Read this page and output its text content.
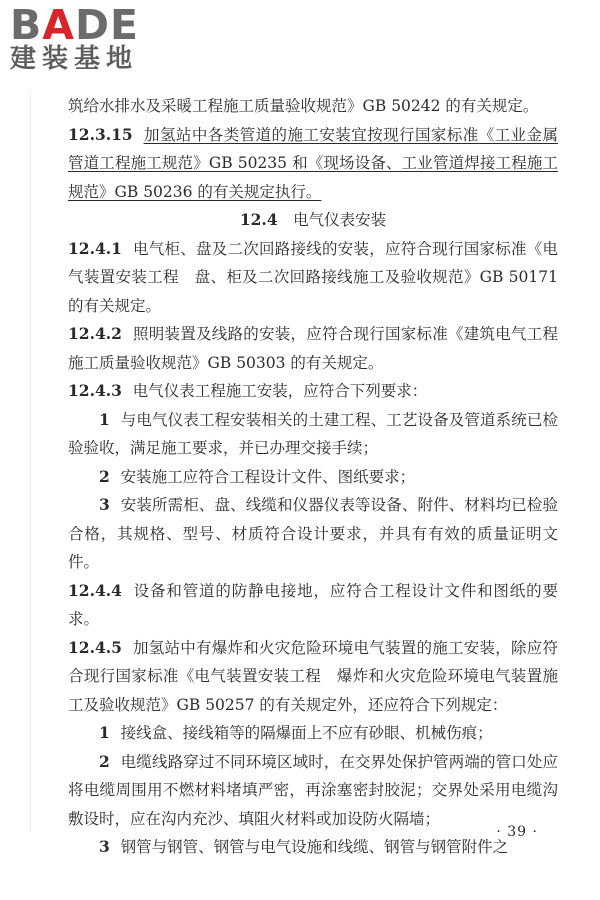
BADE
建装基地

筑给水排水及采暖工程施工质量验收规范》GB 50242 的有关规定。

12.3.15 加氢站中各类管道的施工安装宜按现行国家标准《工业金属管道工程施工规范》GB 50235 和《现场设备、工业管道焊接工程施工规范》GB 50236 的有关规定执行。

12.4 电气仪表安装

12.4.1 电气柜、盘及二次回路接线的安装，应符合现行国家标准《电气装置安装工程　盘、柜及二次回路接线施工及验收规范》GB 50171 的有关规定。

12.4.2 照明装置及线路的安装，应符合现行国家标准《建筑电气工程施工质量验收规范》GB 50303 的有关规定。

12.4.3 电气仪表工程施工安装，应符合下列要求：

1 与电气仪表工程安装相关的土建工程、工艺设备及管道系统已检验验收，满足施工要求，并已办理交接手续；

2 安装施工应符合工程设计文件、图纸要求；

3 安装所需柜、盘、线缆和仪器仪表等设备、附件、材料均已检验合格，其规格、型号、材质符合设计要求，并具有有效的质量证明文件。

12.4.4 设备和管道的防静电接地，应符合工程设计文件和图纸的要求。

12.4.5 加氢站中有爆炸和火灾危险环境电气装置的施工安装，除应符合现行国家标准《电气装置安装工程　爆炸和火灾危险环境电气装置施工及验收规范》GB 50257 的有关规定外，还应符合下列规定：

1 接线盒、接线箱等的隔爆面上不应有砂眼、机械伤痕；

2 电缆线路穿过不同环境区域时，在交界处保护管两端的管口处应将电缆周围用不燃材料堵填严密，再涂塞密封胶泥；交界处采用电缆沟敷设时，应在沟内充沙、填阻火材料或加设防火隔墙；

3 钢管与钢管、钢管与电气设施和线缆、钢管与钢管附件之

· 39 ·
